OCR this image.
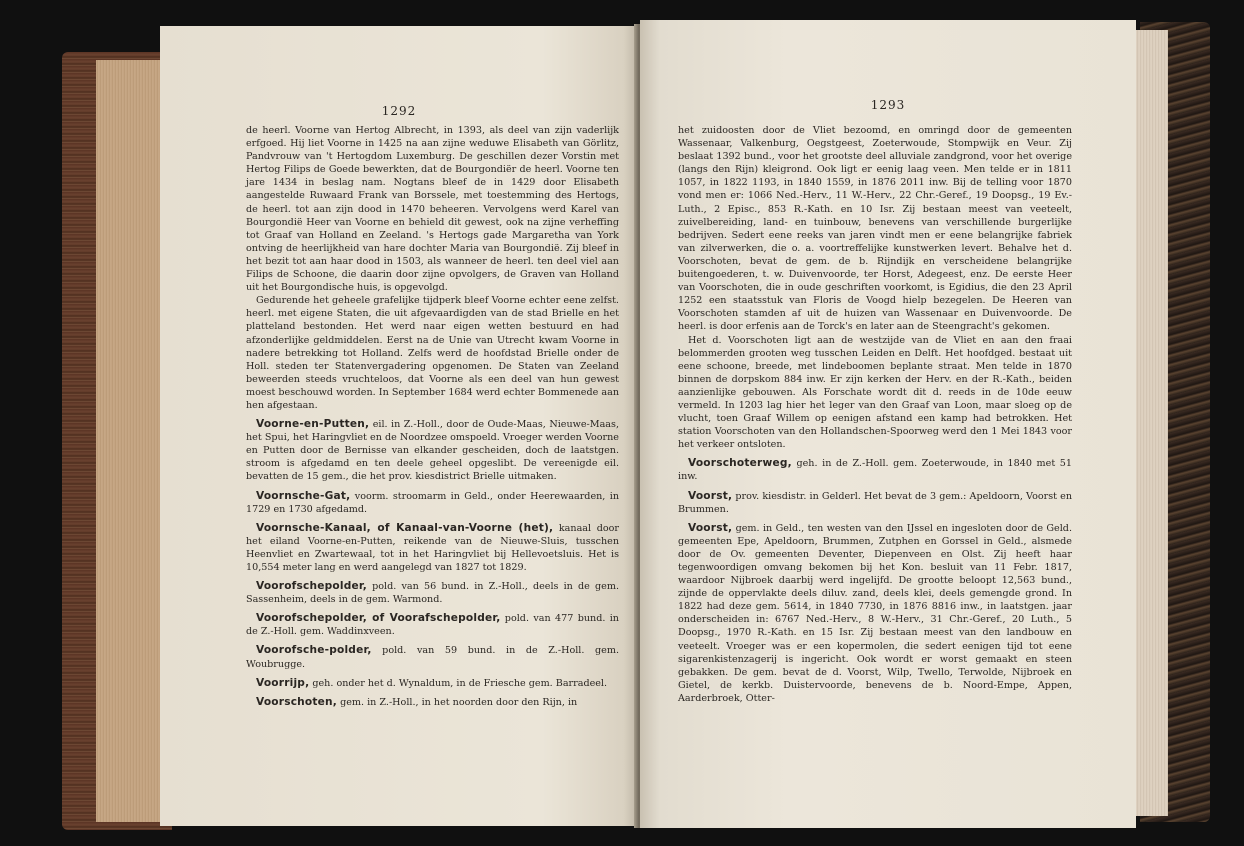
1292

de heerl. Voorne van Hertog Albrecht, in 1393, als deel van zijn vaderlijk erfgoed. Hij liet Voorne in 1425 na aan zijne weduwe Elisabeth van Görlitz, Pandvrouw van 't Hertogdom Luxemburg. De geschillen dezer Vorstin met Hertog Filips de Goede bewerkten, dat de Bourgondiër de heerl. Voorne ten jare 1434 in beslag nam. Nogtans bleef de in 1429 door Elisabeth aangestelde Ruwaard Frank van Borssele, met toestemming des Hertogs, de heerl. tot aan zijn dood in 1470 beheeren. Vervolgens werd Karel van Bourgondië Heer van Voorne en behield dit gewest, ook na zijne verheffing tot Graaf van Holland en Zeeland. 's Hertogs gade Margaretha van York ontving de heerlijkheid van hare dochter Maria van Bourgondië. Zij bleef in het bezit tot aan haar dood in 1503, als wanneer de heerl. ten deel viel aan Filips de Schoone, die daarin door zijne opvolgers, de Graven van Holland uit het Bourgondische huis, is opgevolgd.

Gedurende het geheele grafelijke tijdperk bleef Voorne echter eene zelfst. heerl. met eigene Staten, die uit afgevaardigden van de stad Brielle en het platteland bestonden. Het werd naar eigen wetten bestuurd en had afzonderlijke geldmiddelen. Eerst na de Unie van Utrecht kwam Voorne in nadere betrekking tot Holland. Zelfs werd de hoofdstad Brielle onder de Holl. steden ter Statenvergadering opgenomen. De Staten van Zeeland beweerden steeds vruchteloos, dat Voorne als een deel van hun gewest moest beschouwd worden. In September 1684 werd echter Bommenede aan hen afgestaan.

Voorne-en-Putten, eil. in Z.-Holl., door de Oude-Maas, Nieuwe-Maas, het Spui, het Haringvliet en de Noordzee omspoeld. Vroeger werden Voorne en Putten door de Bernisse van elkander gescheiden, doch de laatstgen. stroom is afgedamd en ten deele geheel opgeslibt. De vereenigde eil. bevatten de 15 gem., die het prov. kiesdistrict Brielle uitmaken.

Voornsche-Gat, voorm. stroomarm in Geld., onder Heerewaarden, in 1729 en 1730 afgedamd.

Voornsche-Kanaal, of Kanaal-van-Voorne (het), kanaal door het eiland Voorne-en-Putten, reikende van de Nieuwe-Sluis, tusschen Heenvliet en Zwartewaal, tot in het Haringvliet bij Hellevoetsluis. Het is 10,554 meter lang en werd aangelegd van 1827 tot 1829.

Voorofschepolder, pold. van 56 bund. in Z.-Holl., deels in de gem. Sassenheim, deels in de gem. Warmond.

Voorofschepolder, of Voorafschepolder, pold. van 477 bund. in de Z.-Holl. gem. Waddinxveen.

Voorofsche-polder, pold. van 59 bund. in de Z.-Holl. gem. Woubrugge.

Voorrijp, geh. onder het d. Wynaldum, in de Friesche gem. Barradeel.

Voorschoten, gem. in Z.-Holl., in het noorden door den Rijn, in

1293

het zuidoosten door de Vliet bezoomd, en omringd door de gemeenten Wassenaar, Valkenburg, Oegstgeest, Zoeterwoude, Stompwijk en Veur. Zij beslaat 1392 bund., voor het grootste deel alluviale zandgrond, voor het overige (langs den Rijn) kleigrond. Ook ligt er eenig laag veen. Men telde er in 1811 1057, in 1822 1193, in 1840 1559, in 1876 2011 inw. Bij de telling voor 1870 vond men er: 1066 Ned.-Herv., 11 W.-Herv., 22 Chr.-Geref., 19 Doopsg., 19 Ev.-Luth., 2 Episc., 853 R.-Kath. en 10 Isr. Zij bestaan meest van veeteelt, zuivelbereiding, land- en tuinbouw, benevens van verschillende burgerlijke bedrijven. Sedert eene reeks van jaren vindt men er eene belangrijke fabriek van zilverwerken, die o. a. voortreffelijke kunstwerken levert. Behalve het d. Voorschoten, bevat de gem. de b. Rijndijk en verscheidene belangrijke buitengoederen, t. w. Duivenvoorde, ter Horst, Adegeest, enz. De eerste Heer van Voorschoten, die in oude geschriften voorkomt, is Egidius, die den 23 April 1252 een staatsstuk van Floris de Voogd hielp bezegelen. De Heeren van Voorschoten stamden af uit de huizen van Wassenaar en Duivenvoorde. De heerl. is door erfenis aan de Torck's en later aan de Steengracht's gekomen.

Het d. Voorschoten ligt aan de westzijde van de Vliet en aan den fraai belommerden grooten weg tusschen Leiden en Delft. Het hoofdged. bestaat uit eene schoone, breede, met lindeboomen beplante straat. Men telde in 1870 binnen de dorpskom 884 inw. Er zijn kerken der Herv. en der R.-Kath., beiden aanzienlijke gebouwen. Als Forschate wordt dit d. reeds in de 10de eeuw vermeld. In 1203 lag hier het leger van den Graaf van Loon, maar sloeg op de vlucht, toen Graaf Willem op eenigen afstand een kamp had betrokken. Het station Voorschoten van den Hollandschen-Spoorweg werd den 1 Mei 1843 voor het verkeer ontsloten.

Voorschoterweg, geh. in de Z.-Holl. gem. Zoeterwoude, in 1840 met 51 inw.

Voorst, prov. kiesdistr. in Gelderl. Het bevat de 3 gem.: Apeldoorn, Voorst en Brummen.

Voorst, gem. in Geld., ten westen van den IJssel en ingesloten door de Geld. gemeenten Epe, Apeldoorn, Brummen, Zutphen en Gorssel in Geld., alsmede door de Ov. gemeenten Deventer, Diepenveen en Olst. Zij heeft haar tegenwoordigen omvang bekomen bij het Kon. besluit van 11 Febr. 1817, waardoor Nijbroek daarbij werd ingelijfd. De grootte beloopt 12,563 bund., zijnde de oppervlakte deels diluv. zand, deels klei, deels gemengde grond. In 1822 had deze gem. 5614, in 1840 7730, in 1876 8816 inw., in laatstgen. jaar onderscheiden in: 6767 Ned.-Herv., 8 W.-Herv., 31 Chr.-Geref., 20 Luth., 5 Doopsg., 1970 R.-Kath. en 15 Isr. Zij bestaan meest van den landbouw en veeteelt. Vroeger was er een kopermolen, die sedert eenigen tijd tot eene sigarenkistenzagerij is ingericht. Ook wordt er worst gemaakt en steen gebakken. De gem. bevat de d. Voorst, Wilp, Twello, Terwolde, Nijbroek en Gietel, de kerkb. Duistervoorde, benevens de b. Noord-Empe, Appen, Aarderbroek, Otter-
